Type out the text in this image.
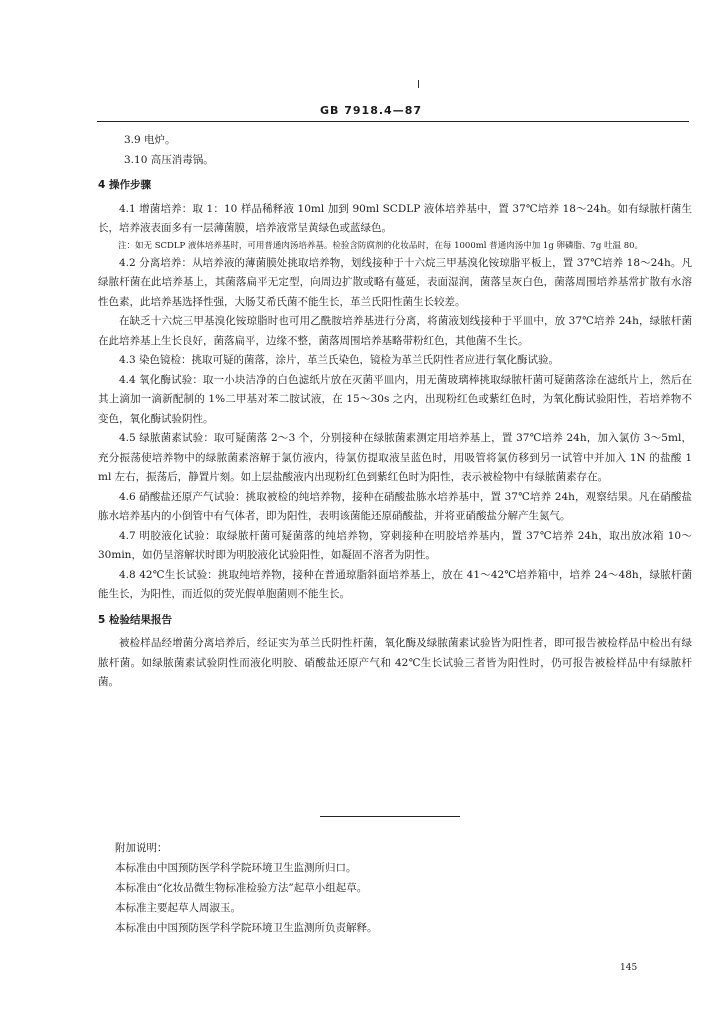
GB 7918.4—87

3.9 电炉。

3.10 高压消毒锅。

4 操作步骤

4.1 增菌培养：取 1：10 样品稀释液 10ml 加到 90ml SCDLP 液体培养基中，置 37℃培养 18～24h。如有绿脓杆菌生长，培养液表面多有一层薄菌膜，培养液常呈黄绿色或蓝绿色。

注：如无 SCDLP 液体培养基时，可用普通肉汤培养基。检验含防腐剂的化妆品时，在每 1000ml 普通肉汤中加 1g 卵磷脂、7g 吐温 80。

4.2 分离培养：从培养液的薄菌膜处挑取培养物，划线接种于十六烷三甲基溴化铵琼脂平板上，置 37℃培养 18～24h。凡绿脓杆菌在此培养基上，其菌落扁平无定型，向周边扩散或略有蔓延，表面湿润，菌落呈灰白色，菌落周围培养基常扩散有水溶性色素，此培养基选择性强，大肠艾希氏菌不能生长，革兰氏阳性菌生长较差。

在缺乏十六烷三甲基溴化铵琼脂时也可用乙酰胺培养基进行分离，将菌液划线接种于平皿中，放 37℃培养 24h，绿脓杆菌在此培养基上生长良好，菌落扁平，边缘不整，菌落周围培养基略带粉红色，其他菌不生长。

4.3 染色镜检：挑取可疑的菌落，涂片，革兰氏染色，镜检为革兰氏阴性者应进行氧化酶试验。

4.4 氧化酶试验：取一小块洁净的白色滤纸片放在灭菌平皿内，用无菌玻璃棒挑取绿脓杆菌可疑菌落涂在滤纸片上，然后在其上滴加一滴新配制的 1%二甲基对苯二胺试液，在 15～30s 之内，出现粉红色或紫红色时，为氧化酶试验阳性，若培养物不变色，氧化酶试验阴性。

4.5 绿脓菌素试验：取可疑菌落 2～3 个，分别接种在绿脓菌素测定用培养基上，置 37℃培养 24h，加入氯仿 3～5ml，充分振荡使培养物中的绿脓菌素溶解于氯仿液内，待氯仿提取液呈蓝色时，用吸管将氯仿移到另一试管中并加入 1N 的盐酸 1 ml 左右，振荡后，静置片刻。如上层盐酸液内出现粉红色到紫红色时为阳性，表示被检物中有绿脓菌素存在。

4.6 硝酸盐还原产气试验：挑取被检的纯培养物，接种在硝酸盐胨水培养基中，置 37℃培养 24h，观察结果。凡在硝酸盐胨水培养基内的小倒管中有气体者，即为阳性，表明该菌能还原硝酸盐，并将亚硝酸盐分解产生氮气。

4.7 明胶液化试验：取绿脓杆菌可疑菌落的纯培养物，穿刺接种在明胶培养基内，置 37℃培养 24h，取出放冰箱 10～30min，如仍呈溶解状时即为明胶液化试验阳性，如凝固不溶者为阴性。

4.8 42℃生长试验：挑取纯培养物，接种在普通琼脂斜面培养基上，放在 41～42℃培养箱中，培养 24～48h，绿脓杆菌能生长，为阳性，而近似的荧光假单胞菌则不能生长。

5 检验结果报告

被检样品经增菌分离培养后，经证实为革兰氏阴性杆菌，氧化酶及绿脓菌素试验皆为阳性者，即可报告被检样品中检出有绿脓杆菌。如绿脓菌素试验阴性而液化明胶、硝酸盐还原产气和 42℃生长试验三者皆为阳性时，仍可报告被检样品中有绿脓杆菌。

附加说明：
本标准由中国预防医学科学院环境卫生监测所归口。
本标准由“化妆品微生物标准检验方法”起草小组起草。
本标准主要起草人周淑玉。
本标准由中国预防医学科学院环境卫生监测所负责解释。
145
